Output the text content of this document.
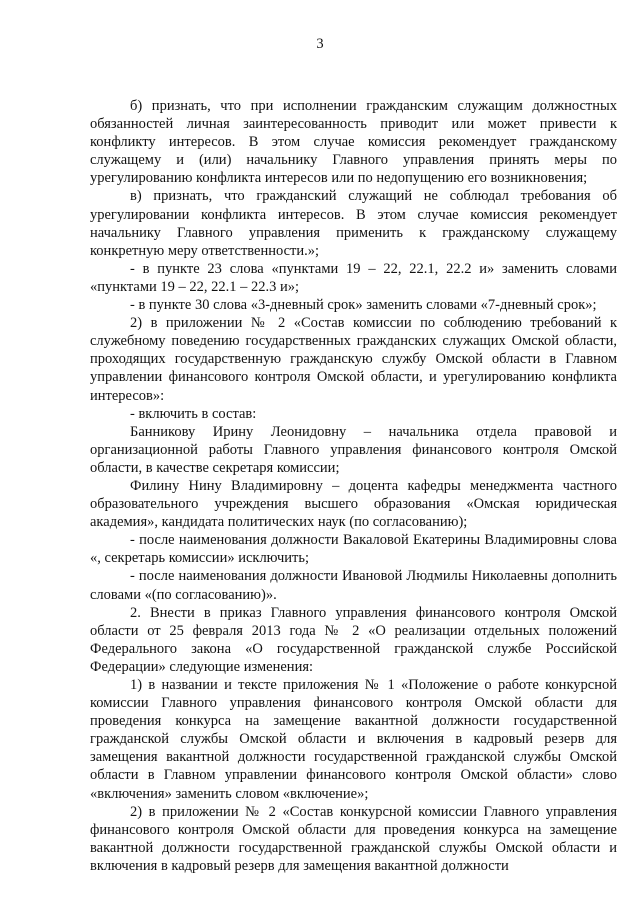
3

б) признать, что при исполнении гражданским служащим должностных обязанностей личная заинтересованность приводит или может привести к конфликту интересов. В этом случае комиссия рекомендует гражданскому служащему и (или) начальнику Главного управления принять меры по урегулированию конфликта интересов или по недопущению его возникновения;

в) признать, что гражданский служащий не соблюдал требования об урегулировании конфликта интересов. В этом случае комиссия рекомендует начальнику Главного управления применить к гражданскому служащему конкретную меру ответственности.»;

- в пункте 23 слова «пунктами 19 – 22, 22.1, 22.2 и» заменить словами «пунктами 19 – 22, 22.1 – 22.3 и»;

- в пункте 30 слова «3-дневный срок» заменить словами «7-дневный срок»;

2) в приложении № 2 «Состав комиссии по соблюдению требований к служебному поведению государственных гражданских служащих Омской области, проходящих государственную гражданскую службу Омской области в Главном управлении финансового контроля Омской области, и урегулированию конфликта интересов»:

- включить в состав:

Банникову Ирину Леонидовну – начальника отдела правовой и организационной работы Главного управления финансового контроля Омской области, в качестве секретаря комиссии;

Филину Нину Владимировну – доцента кафедры менеджмента частного образовательного учреждения высшего образования «Омская юридическая академия», кандидата политических наук (по согласованию);

- после наименования должности Вакаловой Екатерины Владимировны слова «, секретарь комиссии» исключить;

- после наименования должности Ивановой Людмилы Николаевны дополнить словами «(по согласованию)».

2. Внести в приказ Главного управления финансового контроля Омской области от 25 февраля 2013 года № 2 «О реализации отдельных положений Федерального закона «О государственной гражданской службе Российской Федерации» следующие изменения:

1) в названии и тексте приложения № 1 «Положение о работе конкурсной комиссии Главного управления финансового контроля Омской области для проведения конкурса на замещение вакантной должности государственной гражданской службы Омской области и включения в кадровый резерв для замещения вакантной должности государственной гражданской службы Омской области в Главном управлении финансового контроля Омской области» слово «включения» заменить словом «включение»;

2) в приложении № 2 «Состав конкурсной комиссии Главного управления финансового контроля Омской области для проведения конкурса на замещение вакантной должности государственной гражданской службы Омской области и включения в кадровый резерв для замещения вакантной должности
